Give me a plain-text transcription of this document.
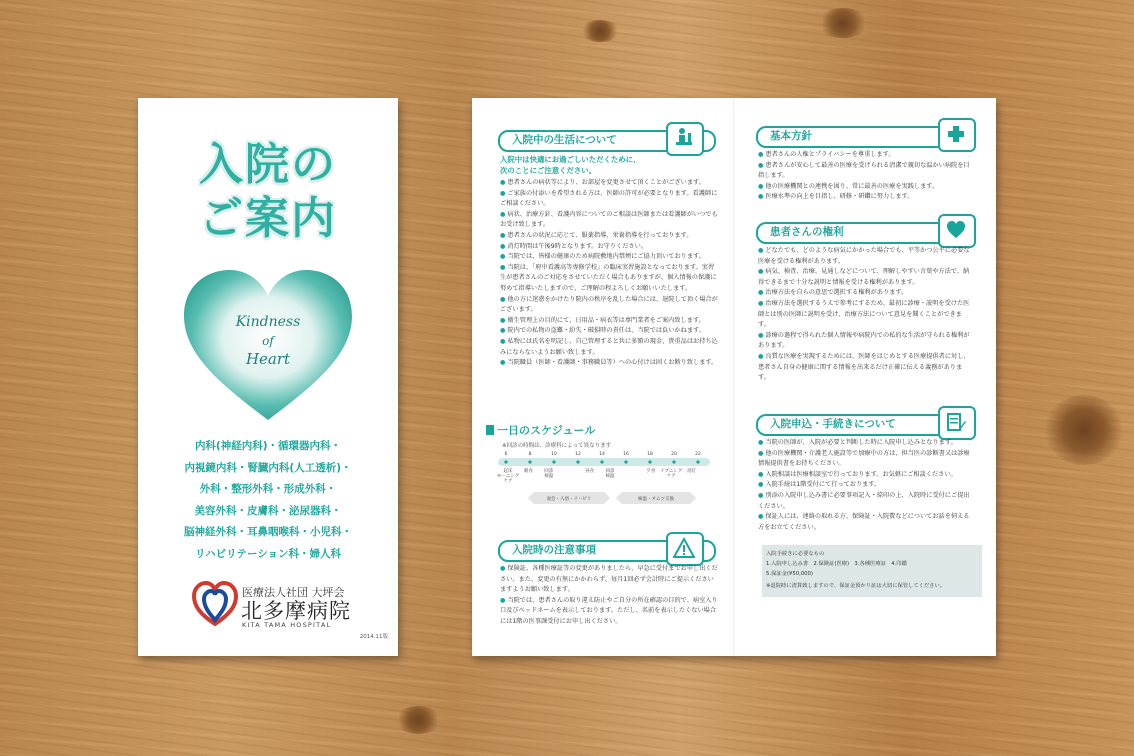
入院の
ご案内
Kindness
of
Heart
内科(神経内科)・循環器内科・
内視鏡内科・腎臓内科(人工透析)・
外科・整形外科・形成外科・
美容外科・皮膚科・泌尿器科・
脳神経外科・耳鼻咽喉科・小児科・
リハビリテーション科・婦人科
医療法人社団 大坪会
北多摩病院
KITA TAMA HOSPITAL
2014.11版
入院中の生活について
入院中は快適にお過ごしいただくために、
次のことにご注意ください。
● 患者さんの病状等により、お部屋を変更させて頂くことがございます。
● ご家族の付添いを希望される方は、医師の許可が必要となります。看護師にご相談ください。
● 病状、治療方針、看護内容についてのご相談は医師または看護師がいつでもお受け致します。
● 患者さんの状況に応じて、服薬指導、栄養指導を行っております。
● 消灯時間は午後9時となります。お守りください。
● 当院では、皆様の健康のため病院敷地内禁煙にご協力頂いております。
● 当院は、「府中看護高等専修学校」の臨床実習施設となっております。実習生が患者さんのご対応をさせていただく場合もありますが、個人情報の保護に努めて指導いたしますので、ご理解の程よろしくお願いいたします。
● 他の方に迷惑をかけたり院内の秩序を乱した場合には、退院して頂く場合がございます。
● 衛生管理上の目的にて、日用品・病衣等は専門業者をご案内致します。
● 院内での私物の盗難・紛失・破損時の責任は、当院では負いかねます。
● 私物には氏名を明記し、自己管理すると共に多額の現金、貴重品はお持ち込みにならないようお願い致します。
● 当院職員（医師・看護師・事務職員等）への心付けは固くお断り致します。
一日のスケジュール
※回診の時間は、診療科によって異なります
6	8	10	12	14	16	18	20	22
起床モーニングケア
朝食	回診検温
昼食	回診検温
夕食 イブニングケア
消灯
面会・入浴・リハビリ	検温・オムツ交換
入院時の注意事項
● 保険証、各種医療証等の変更がありましたら、早急に受付までお申し出ください。また、変更の有無にかかわらず、毎月1回必ず会計時にご提示くださいますようお願い致します。
● 当院では、患者さんの取り違え防止やご自分の所在確認の目的で、病室入り口及びベッドネームを表示しております。ただし、名前を表示したくない場合には1階の医事課受付にお申し出ください。
基本方針
● 患者さんの人権とプライバシーを尊重します。
● 患者さんが安心して最善の医療を受けられる清潔で親切な温かい病院を目指します。
● 他の医療機関との連携を図り、常に最善の医療を実践します。
● 医療水準の向上を目指し、研修・研鑽に努力します。
患者さんの権利
● どなたでも、どのような病気にかかった場合でも、平等かつ公平に必要な医療を受ける権利があります。
● 病気、検査、治療、見通しなどについて、理解しやすい言葉や方法で、納得できるまで十分な説明と情報を受ける権利があります。
● 治療方法を自らの意思で選択する権利があります。
● 治療方法を選択するうえで参考にするため、最初に診療・説明を受けた医師とは別の医師に説明を受け、治療方法について意見を聞くことができます。
● 診療の過程で得られた個人情報や病院内での私的な生活が守られる権利があります。
● 良質な医療を実現するためには、医師をはじめとする医療提供者に対し、患者さん自身の健康に関する情報を出来るだけ正確に伝える義務があります。
入院申込・手続きについて
● 当院の医師が、入院が必要と判断した時に入院申し込みとなります。
● 他の医療機関・介護老人施設等で加療中の方は、担当医の診断書又は診療情報提供書をお持ちください。
● 入院相談は医療相談室で行っております。お気軽にご相談ください。
● 入院手続は1階受付にて行っております。
● 別添の入院申し込み書に必要事項記入・捺印の上、入院時に受付にご提出ください。
● 保証人には、連絡の取れる方、保険証・入院費などについてお話を伺える方をお立てください。
入院手続きに必要なもの
1.入院申し込み書　2.保険証(医療)　3.各種医療証　4.印鑑
5.保証金(¥50,000)
※退院時に清算致しますので、保証金預かり証は大切に保管してください。
